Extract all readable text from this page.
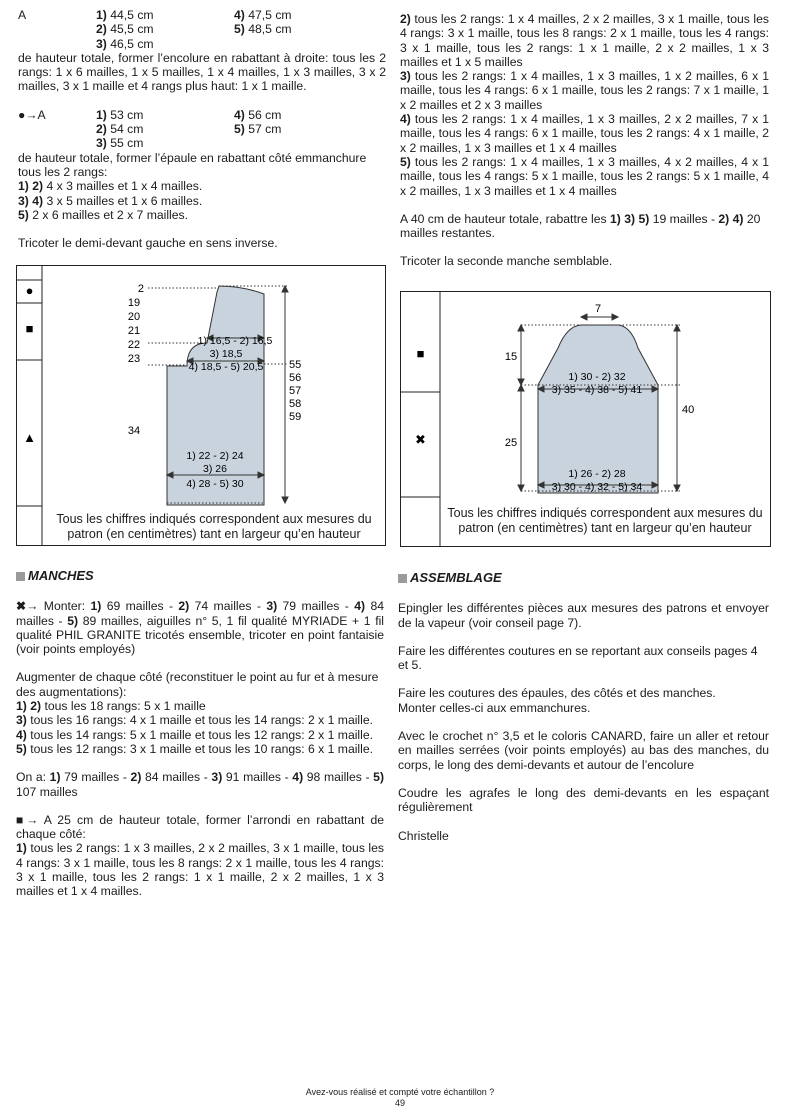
A	1) 44,5 cm	4) 47,5 cm
2) 45,5 cm	5) 48,5 cm
3) 46,5 cm

de hauteur totale, former l’encolure en rabattant à droite: tous les 2 rangs: 1 x 6 mailles, 1 x 5 mailles, 1 x 4 mailles, 1 x 3 mailles, 3 x 2 mailles, 3 x 1 maille et 4 rangs plus haut: 1 x 1 maille.

●→A	1) 53 cm	4) 56 cm
2) 54 cm	5) 57 cm
3) 55 cm

de hauteur totale, former l’épaule en rabattant côté emmanchure tous les 2 rangs:

1) 2) 4 x 3 mailles et 1 x 4 mailles.

3) 4) 3 x 5 mailles et 1 x 6 mailles.

5) 2 x 6 mailles et 2 x 7 mailles.

Tricoter le demi-devant gauche en sens inverse.

●
■
▲
2
19
20
21
22
23
34
1) 16,5 - 2) 16,5
3) 18,5
4) 18,5 - 5) 20,5
1) 22 - 2) 24
3) 26
4) 28 - 5) 30
55
56
57
58
59
Tous les chiffres indiqués correspondent aux mesures du patron (en centimètres) tant en largeur qu’en hauteur
MANCHES

✖→ Monter: 1) 69 mailles - 2) 74 mailles - 3) 79 mailles - 4) 84 mailles - 5) 89 mailles, aiguilles n° 5, 1 fil qualité MYRIADE + 1 fil qualité PHIL GRANITE tricotés ensemble, tricoter en point fantaisie (voir points employés)

Augmenter de chaque côté (reconstituer le point au fur et à mesure des augmentations):

1) 2) tous les 18 rangs: 5 x 1 maille

3) tous les 16 rangs: 4 x 1 maille et tous les 14 rangs: 2 x 1 maille.

4) tous les 14 rangs: 5 x 1 maille et tous les 12 rangs: 2 x 1 maille.

5) tous les 12 rangs: 3 x 1 maille et tous les 10 rangs: 6 x 1 maille.

On a: 1) 79 mailles - 2) 84 mailles - 3) 91 mailles - 4) 98 mailles - 5) 107 mailles

■→ A 25 cm de hauteur totale, former l’arrondi en rabattant de chaque côté:

1) tous les 2 rangs: 1 x 3 mailles, 2 x 2 mailles, 3 x 1 maille, tous les 4 rangs: 3 x 1 maille, tous les 8 rangs: 2 x 1 maille, tous les 4 rangs: 3 x 1 maille, tous les 2 rangs: 1 x 1 maille, 2 x 2 mailles, 1 x 3 mailles et 1 x 4 mailles.

2) tous les 2 rangs: 1 x 4 mailles, 2 x 2 mailles, 3 x 1 maille, tous les 4 rangs: 3 x 1 maille, tous les 8 rangs: 2 x 1 maille, tous les 4 rangs: 3 x 1 maille, tous les 2 rangs: 1 x 1 maille, 2 x 2 mailles, 1 x 3 mailles et 1 x 5 mailles

3) tous les 2 rangs: 1 x 4 mailles, 1 x 3 mailles, 1 x 2 mailles, 6 x 1 maille, tous les 4 rangs: 6 x 1 maille, tous les 2 rangs: 7 x 1 maille, 1 x 2 mailles et 2 x 3 mailles

4) tous les 2 rangs: 1 x 4 mailles, 1 x 3 mailles, 2 x 2 mailles, 7 x 1 maille, tous les 4 rangs: 6 x 1 maille, tous les 2 rangs: 4 x 1 maille, 2 x 2 mailles, 1 x 3 mailles et 1 x 4 mailles

5) tous les 2 rangs: 1 x 4 mailles, 1 x 3 mailles, 4 x 2 mailles, 4 x 1 maille, tous les 4 rangs: 5 x 1 maille, tous les 2 rangs: 5 x 1 maille, 4 x 2 mailles, 1 x 3 mailles et 1 x 4 mailles

A 40 cm de hauteur totale, rabattre les 1) 3) 5) 19 mailles - 2) 4) 20 mailles restantes.

Tricoter la seconde manche semblable.

■
✖
7
15
25
40
1) 30 - 2) 32
3) 35 - 4) 38 - 5) 41
1) 26 - 2) 28
3) 30 - 4) 32 - 5) 34
Tous les chiffres indiqués correspondent aux mesures du patron (en centimètres) tant en largeur qu’en hauteur
ASSEMBLAGE

Epingler les différentes pièces aux mesures des patrons et envoyer de la vapeur (voir conseil page 7).

Faire les différentes coutures en se reportant aux conseils pages 4 et 5.

Faire les coutures des épaules, des côtés et des manches.
Monter celles-ci aux emmanchures.

Avec le crochet n° 3,5 et le coloris CANARD, faire un aller et retour en mailles serrées (voir points employés) au bas des manches, du corps, le long des demi-devants et autour de l’encolure

Coudre les agrafes le long des demi-devants en les espaçant régulièrement

Christelle

Avez-vous réalisé et compté votre échantillon ?
49
